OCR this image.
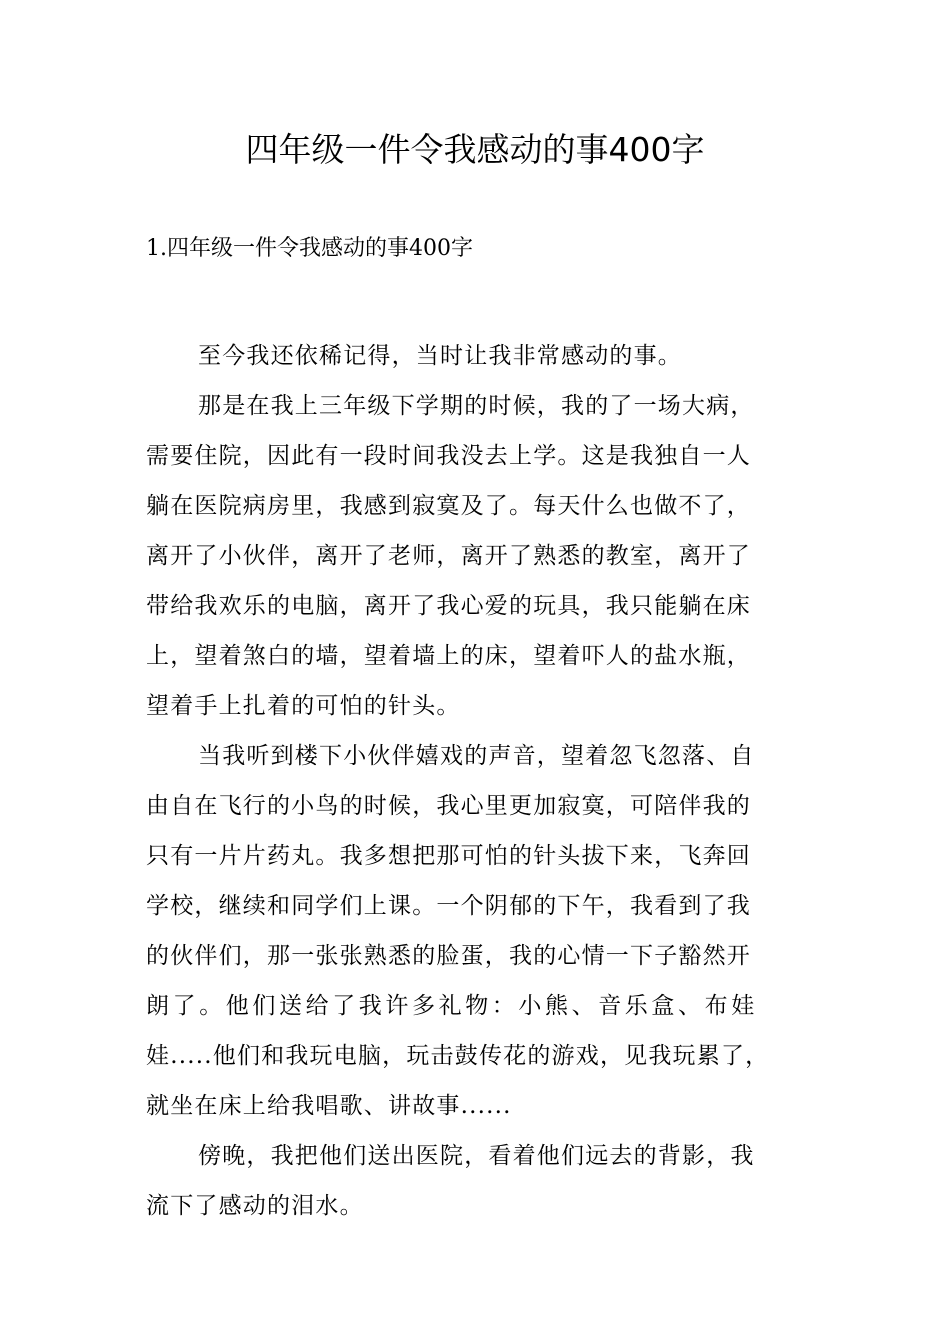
四年级一件令我感动的事400字
1.四年级一件令我感动的事400字
至今我还依稀记得，当时让我非常感动的事。
那是在我上三年级下学期的时候，我的了一场大病，
需要住院，因此有一段时间我没去上学。这是我独自一人
躺在医院病房里，我感到寂寞及了。每天什么也做不了，
离开了小伙伴，离开了老师，离开了熟悉的教室，离开了
带给我欢乐的电脑，离开了我心爱的玩具，我只能躺在床
上，望着煞白的墙，望着墙上的床，望着吓人的盐水瓶，
望着手上扎着的可怕的针头。
当我听到楼下小伙伴嬉戏的声音，望着忽飞忽落、自
由自在飞行的小鸟的时候，我心里更加寂寞，可陪伴我的
只有一片片药丸。我多想把那可怕的针头拔下来，飞奔回
学校，继续和同学们上课。一个阴郁的下午，我看到了我
的伙伴们，那一张张熟悉的脸蛋，我的心情一下子豁然开
朗了。他们送给了我许多礼物：小熊、音乐盒、布娃
娃.....他们和我玩电脑，玩击鼓传花的游戏，见我玩累了，
就坐在床上给我唱歌、讲故事......
傍晚，我把他们送出医院，看着他们远去的背影，我
流下了感动的泪水。
